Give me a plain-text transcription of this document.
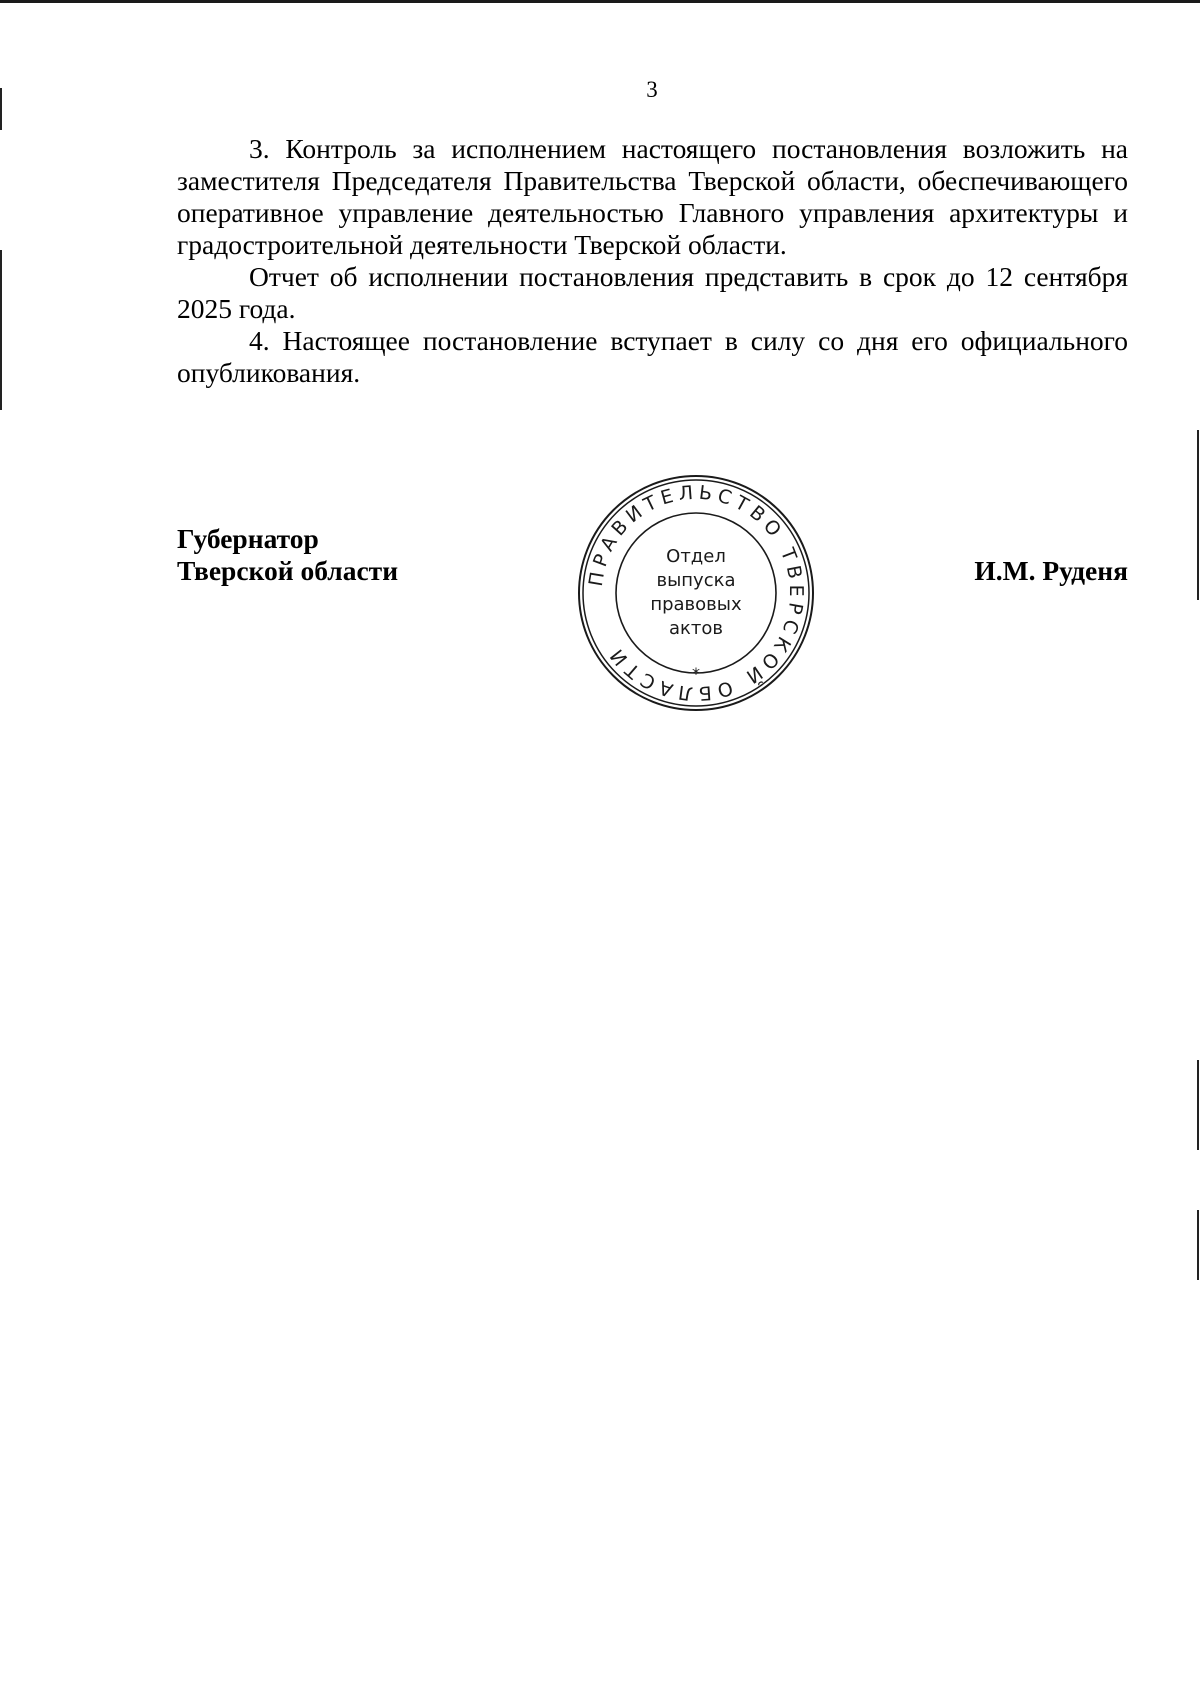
3

3. Контроль за исполнением настоящего постановления возложить на заместителя Председателя Правительства Тверской области, обеспечивающего оперативное управление деятельностью Главного управления архитектуры и градостроительной деятельности Тверской области.

Отчет об исполнении постановления представить в срок до 12 сентября 2025 года.

4. Настоящее постановление вступает в силу со дня его официального опубликования.

Губернатор
Тверской области	И.М. Руденя
ПРАВИТЕЛЬСТВО ТВЕРСКОЙ ОБЛАСТИ
*
Отдел
выпуска
правовых
актов
